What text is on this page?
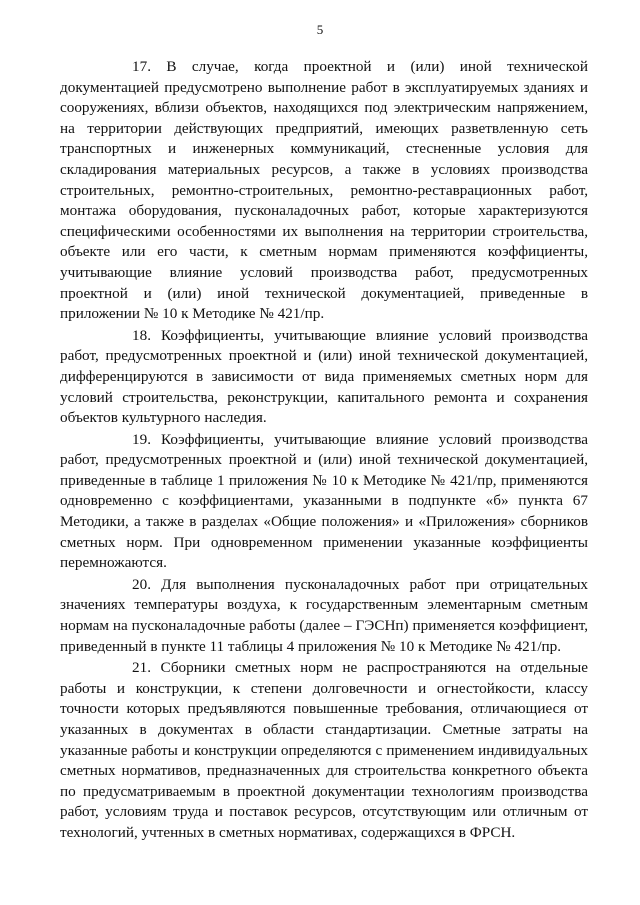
5

17. В случае, когда проектной и (или) иной технической документацией предусмотрено выполнение работ в эксплуатируемых зданиях и сооружениях, вблизи объектов, находящихся под электрическим напряжением, на территории действующих предприятий, имеющих разветвленную сеть транспортных и инженерных коммуникаций, стесненные условия для складирования материальных ресурсов, а также в условиях производства строительных, ремонтно-строительных, ремонтно-реставрационных работ, монтажа оборудования, пусконаладочных работ, которые характеризуются специфическими особенностями их выполнения на территории строительства, объекте или его части, к сметным нормам применяются коэффициенты, учитывающие влияние условий производства работ, предусмотренных проектной и (или) иной технической документацией, приведенные в приложении № 10 к Методике № 421/пр.

18. Коэффициенты, учитывающие влияние условий производства работ, предусмотренных проектной и (или) иной технической документацией, дифференцируются в зависимости от вида применяемых сметных норм для условий строительства, реконструкции, капитального ремонта и сохранения объектов культурного наследия.

19. Коэффициенты, учитывающие влияние условий производства работ, предусмотренных проектной и (или) иной технической документацией, приведенные в таблице 1 приложения № 10 к Методике № 421/пр, применяются одновременно с коэффициентами, указанными в подпункте «б» пункта 67 Методики, а также в разделах «Общие положения» и «Приложения» сборников сметных норм. При одновременном применении указанные коэффициенты перемножаются.

20. Для выполнения пусконаладочных работ при отрицательных значениях температуры воздуха, к государственным элементарным сметным нормам на пусконаладочные работы (далее – ГЭСНп) применяется коэффициент, приведенный в пункте 11 таблицы 4 приложения № 10 к Методике № 421/пр.

21. Сборники сметных норм не распространяются на отдельные работы и конструкции, к степени долговечности и огнестойкости, классу точности которых предъявляются повышенные требования, отличающиеся от указанных в документах в области стандартизации. Сметные затраты на указанные работы и конструкции определяются с применением индивидуальных сметных нормативов, предназначенных для строительства конкретного объекта по предусматриваемым в проектной документации технологиям производства работ, условиям труда и поставок ресурсов, отсутствующим или отличным от технологий, учтенных в сметных нормативах, содержащихся в ФРСН.
